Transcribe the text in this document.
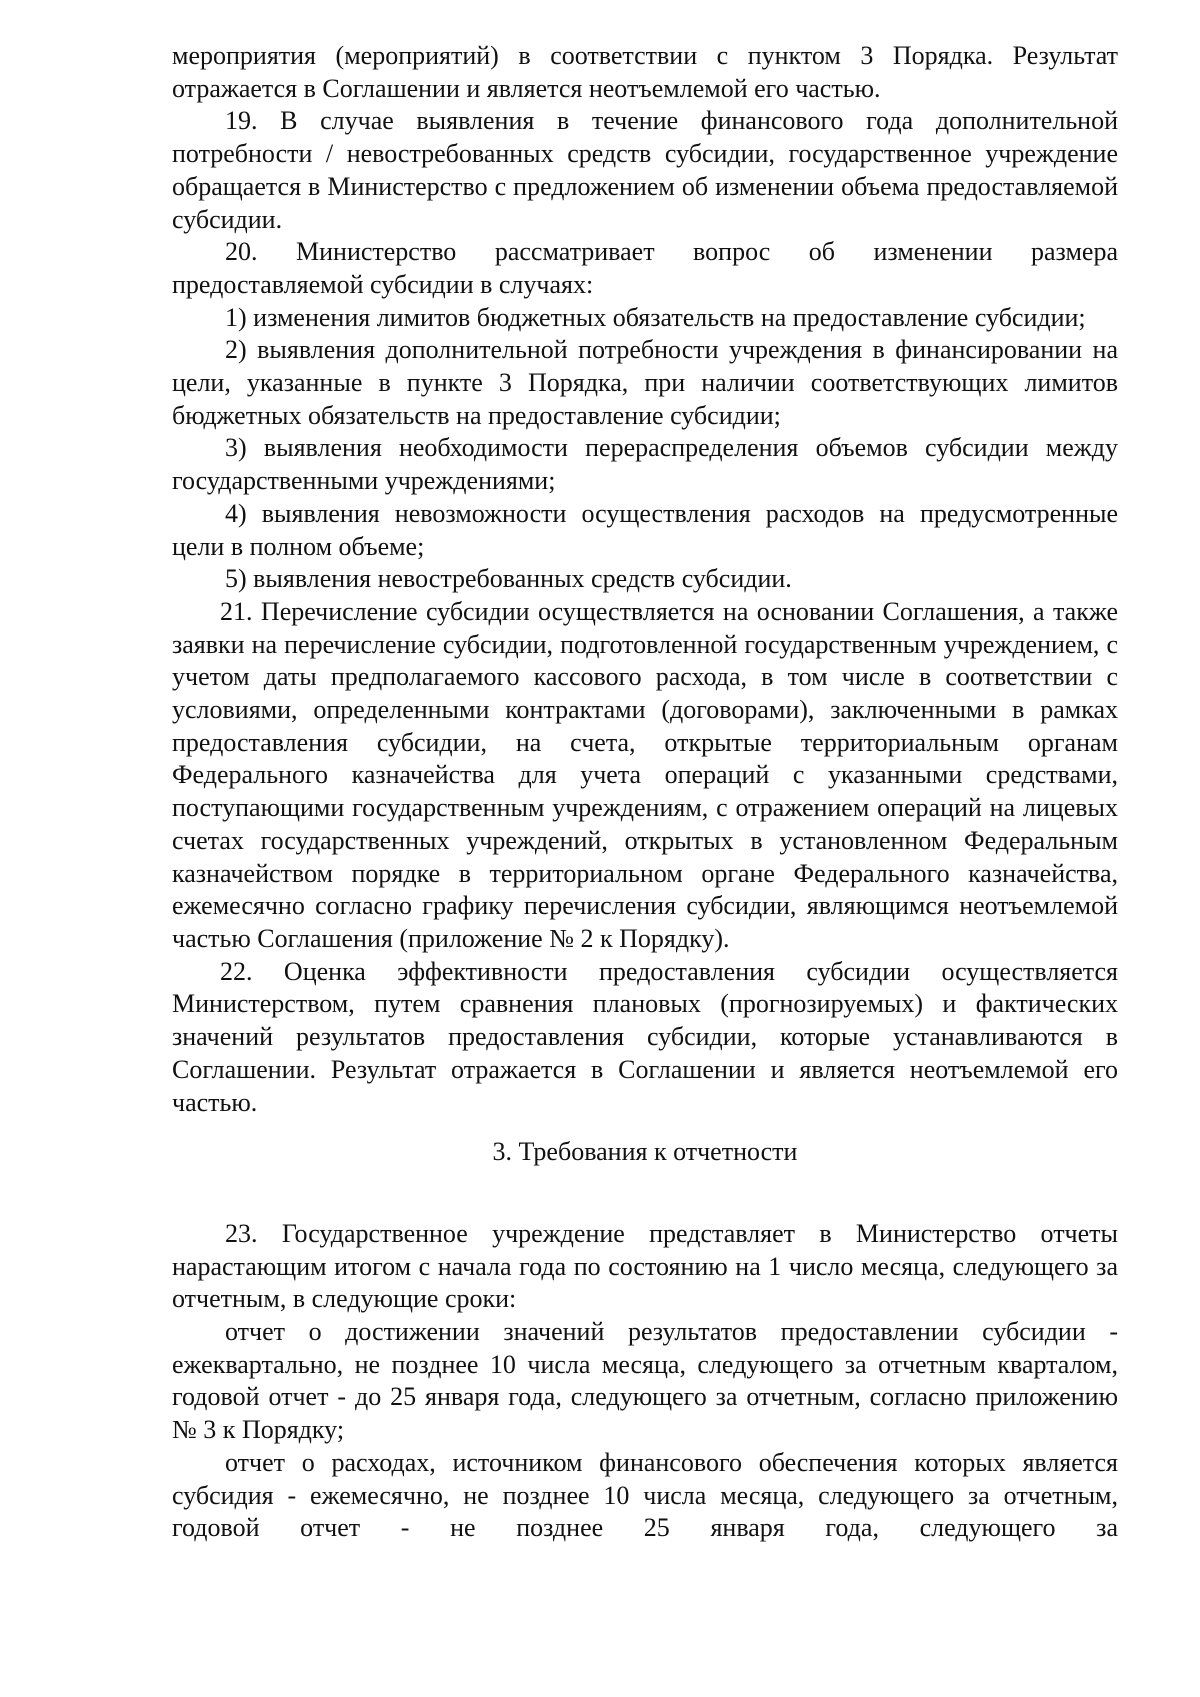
мероприятия (мероприятий) в соответствии с пунктом 3 Порядка. Результат отражается в Соглашении и является неотъемлемой его частью.

19. В случае выявления в течение финансового года дополнительной потребности / невостребованных средств субсидии, государственное учреждение обращается в Министерство с предложением об изменении объема предоставляемой субсидии.

20. Министерство рассматривает вопрос об изменении размера предоставляемой субсидии в случаях:

1) изменения лимитов бюджетных обязательств на предоставление субсидии;

2) выявления дополнительной потребности учреждения в финансировании на цели, указанные в пункте 3 Порядка, при наличии соответствующих лимитов бюджетных обязательств на предоставление субсидии;

3) выявления необходимости перераспределения объемов субсидии между государственными учреждениями;

4) выявления невозможности осуществления расходов на предусмотренные цели в полном объеме;

5) выявления невостребованных средств субсидии.

21. Перечисление субсидии осуществляется на основании Соглашения, а также заявки на перечисление субсидии, подготовленной государственным учреждением, с учетом даты предполагаемого кассового расхода, в том числе в соответствии с условиями, определенными контрактами (договорами), заключенными в рамках предоставления субсидии, на счета, открытые территориальным органам Федерального казначейства для учета операций с указанными средствами, поступающими государственным учреждениям, с отражением операций на лицевых счетах государственных учреждений, открытых в установленном Федеральным казначейством порядке в территориальном органе Федерального казначейства, ежемесячно согласно графику перечисления субсидии, являющимся неотъемлемой частью Соглашения (приложение № 2 к Порядку).

22. Оценка эффективности предоставления субсидии осуществляется Министерством, путем сравнения плановых (прогнозируемых) и фактических значений результатов предоставления субсидии, которые устанавливаются в Соглашении. Результат отражается в Соглашении и является неотъемлемой его частью.

3. Требования к отчетности

23. Государственное учреждение представляет в Министерство отчеты нарастающим итогом с начала года по состоянию на 1 число месяца, следующего за отчетным, в следующие сроки:

отчет о достижении значений результатов предоставлении субсидии - ежеквартально, не позднее 10 числа месяца, следующего за отчетным кварталом, годовой отчет - до 25 января года, следующего за отчетным, согласно приложению № 3 к Порядку;

отчет о расходах, источником финансового обеспечения которых является субсидия - ежемесячно, не позднее 10 числа месяца, следующего за отчетным, годовой отчет - не позднее 25 января года, следующего за
